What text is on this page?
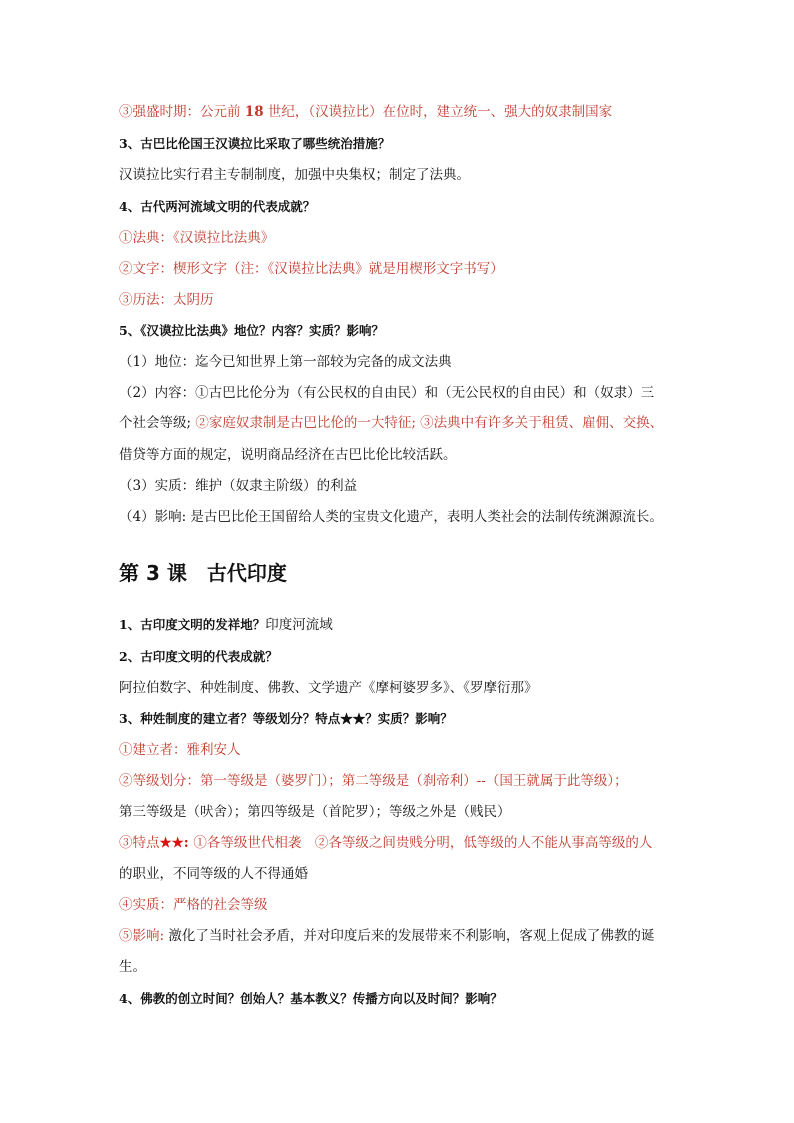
③强盛时期：公元前 18 世纪，（汉谟拉比）在位时，建立统一、强大的奴隶制国家
3、古巴比伦国王汉谟拉比采取了哪些统治措施？
汉谟拉比实行君主专制制度，加强中央集权；制定了法典。
4、古代两河流域文明的代表成就？
①法典：《汉谟拉比法典》
②文字：楔形文字（注：《汉谟拉比法典》就是用楔形文字书写）
③历法：太阴历
5、《汉谟拉比法典》地位？内容？实质？影响？
（1）地位：迄今已知世界上第一部较为完备的成文法典
（2）内容：①古巴比伦分为（有公民权的自由民）和（无公民权的自由民）和（奴隶）三
个社会等级; ②家庭奴隶制是古巴比伦的一大特征; ③法典中有许多关于租赁、雇佣、交换、
借贷等方面的规定，说明商品经济在古巴比伦比较活跃。
（3）实质：维护（奴隶主阶级）的利益
（4）影响: 是古巴比伦王国留给人类的宝贵文化遗产，表明人类社会的法制传统渊源流长。
第 3 课　古代印度
1、古印度文明的发祥地？印度河流域
2、古印度文明的代表成就？
阿拉伯数字、种姓制度、佛教、文学遗产《摩柯婆罗多》、《罗摩衍那》
3、种姓制度的建立者？等级划分？特点★★？实质？影响？
①建立者：雅利安人
②等级划分：第一等级是（婆罗门）；第二等级是（刹帝利）--（国王就属于此等级）；
第三等级是（吠舍）；第四等级是（首陀罗）；等级之外是（贱民）
③特点★★: ①各等级世代相袭　②各等级之间贵贱分明，低等级的人不能从事高等级的人
的职业，不同等级的人不得通婚
④实质：严格的社会等级
⑤影响: 激化了当时社会矛盾，并对印度后来的发展带来不利影响，客观上促成了佛教的诞
生。
4、佛教的创立时间？创始人？基本教义？传播方向以及时间？影响？
